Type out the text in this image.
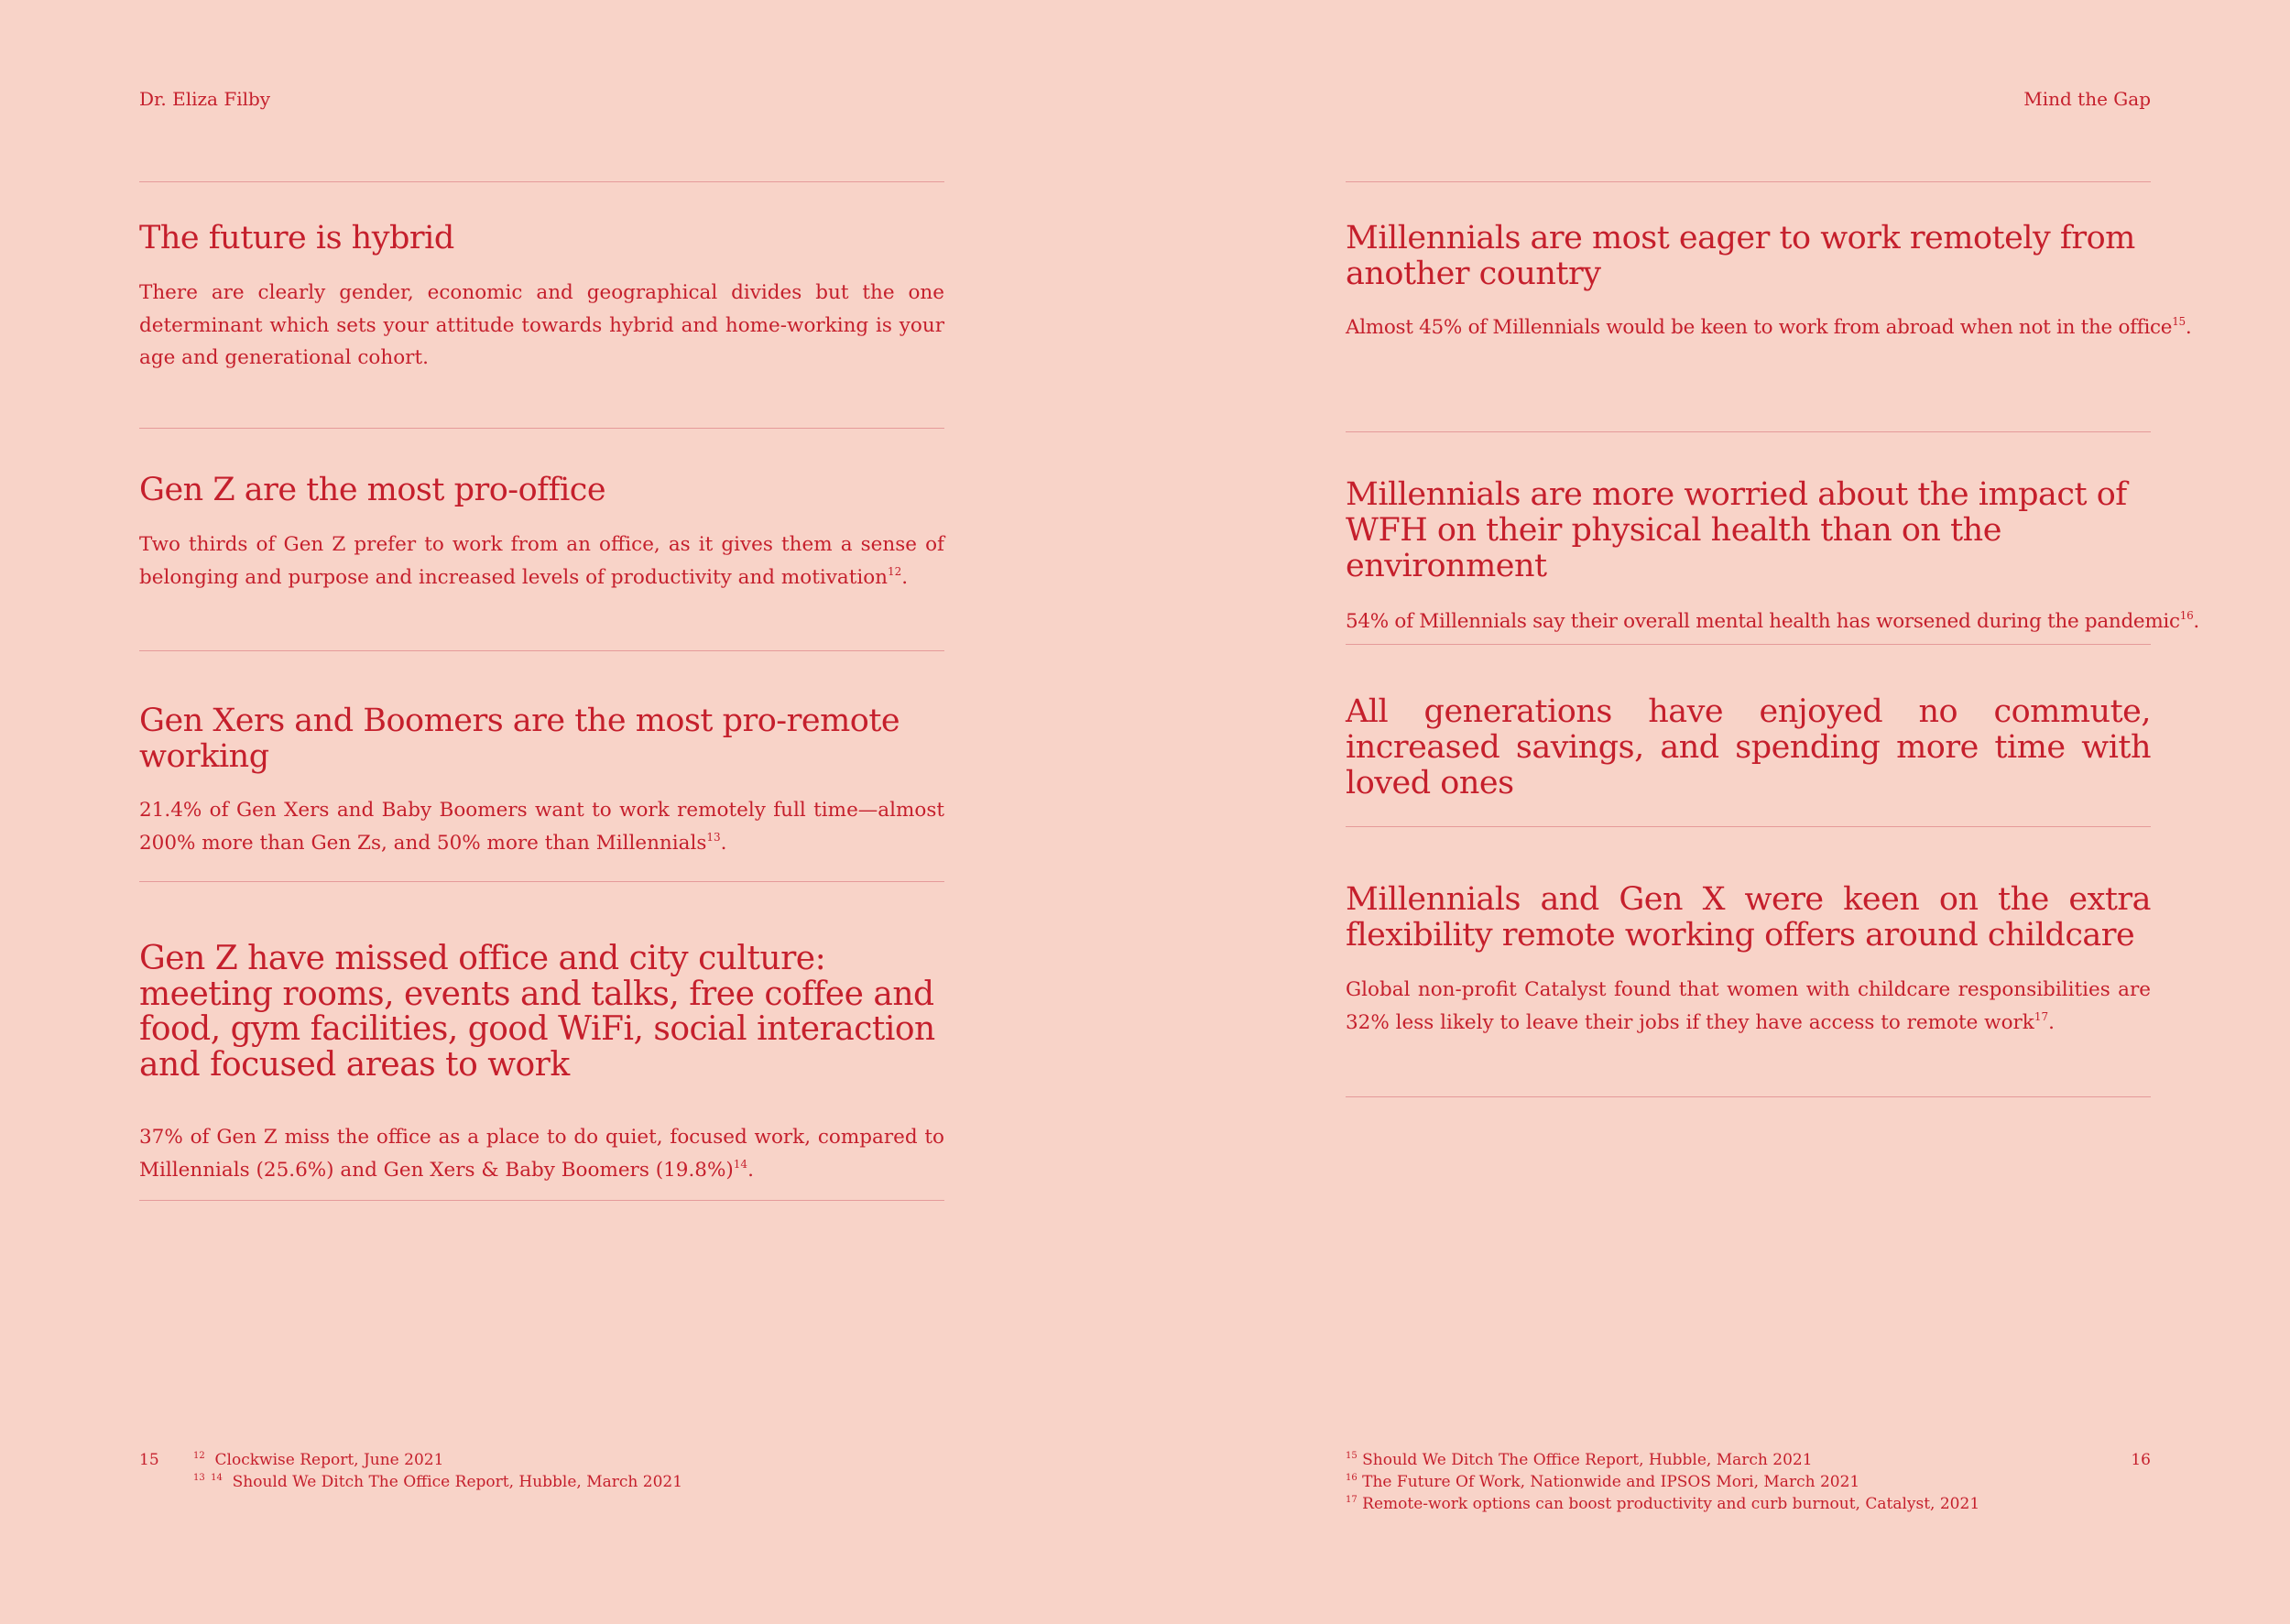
Dr. Eliza Filby
The future is hybrid

There are clearly gender, economic and geographical divides but the one determinant which sets your attitude towards hybrid and home-working is your age and generational cohort.

Gen Z are the most pro-office

Two thirds of Gen Z prefer to work from an office, as it gives them a sense of belonging and purpose and increased levels of productivity and motivation$^{12}$.

Gen Xers and Boomers are the most pro-remote working

21.4% of Gen Xers and Baby Boomers want to work remotely full time—almost 200% more than Gen Zs, and 50% more than Millennials$^{13}$.

Gen Z have missed office and city culture: meeting rooms, events and talks, free coffee and food, gym facilities, good WiFi, social interaction and focused areas to work

37% of Gen Z miss the office as a place to do quiet, focused work, compared to Millennials (25.6%) and Gen Xers & Baby Boomers $(19.8\%)^{14}$.

15	$^{12}$ Clockwise Report, June 2021
$^{13 14}$ Should We Ditch The Office Report, Hubble, March 2021
Mind the Gap
Millennials are most eager to work remotely from another country

Almost 45% of Millennials would be keen to work from abroad when not in the office$^{15}$.

Millennials are more worried about the impact of WFH on their physical health than on the environment

54% of Millennials say their overall mental health has worsened during the pandemic$^{16}$.

All generations have enjoyed no commute, increased savings, and spending more time with loved ones
Millennials and Gen X were keen on the extra flexibility remote working offers around childcare

Global non-profit Catalyst found that women with childcare responsibilities are 32% less likely to leave their jobs if they have access to remote work$^{17}$.

$^{15}$ Should We Ditch The Office Report, Hubble, March 2021
$^{16}$ The Future Of Work, Nationwide and IPSOS Mori, March 2021
$^{17}$ Remote-work options can boost productivity and curb burnout, Catalyst, 2021
16
